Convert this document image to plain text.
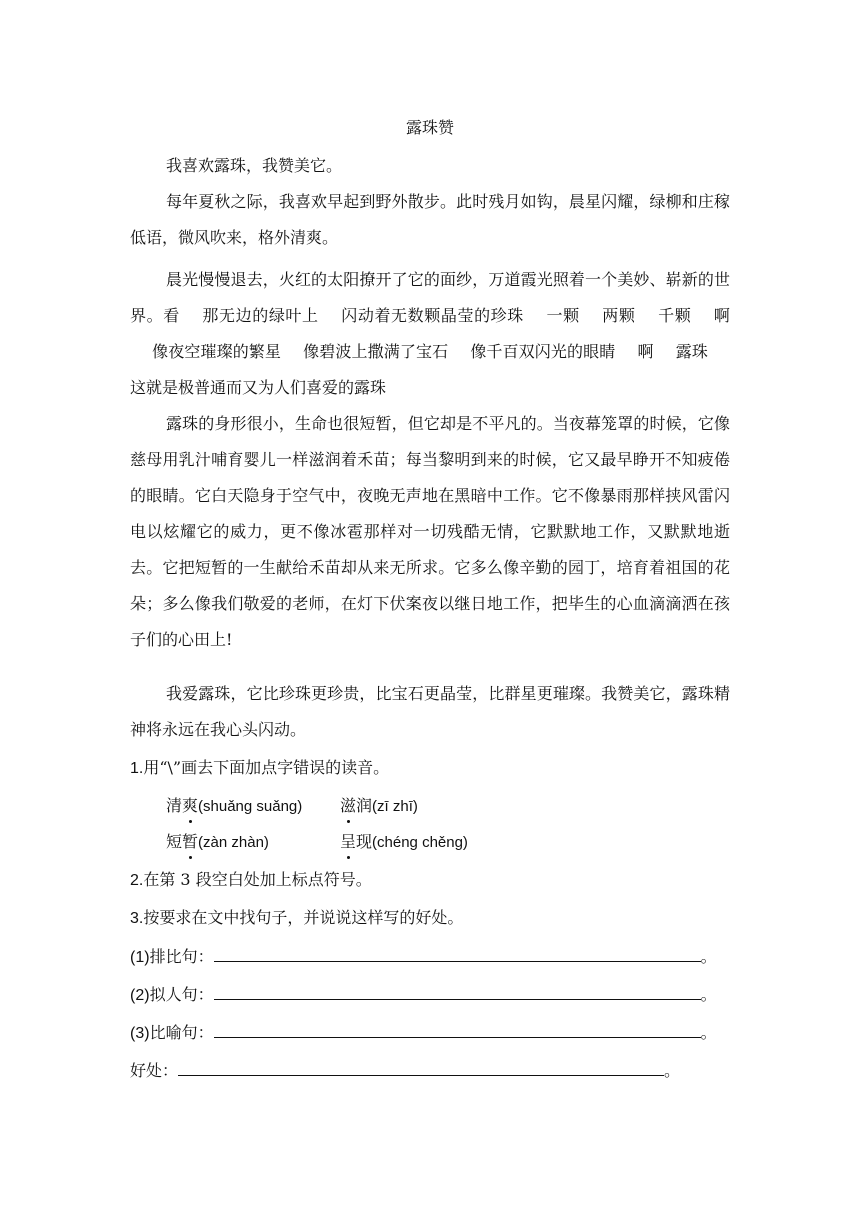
露珠赞
我喜欢露珠，我赞美它。
每年夏秋之际，我喜欢早起到野外散步。此时残月如钩，晨星闪耀，绿柳和庄稼低语，微风吹来，格外清爽。
晨光慢慢退去，火红的太阳撩开了它的面纱，万道霞光照着一个美妙、崭新的世界。看 那无边的绿叶上 闪动着无数颗晶莹的珍珠 一颗 两颗 千颗 啊像夜空璀璨的繁星 像碧波上撒满了宝石 像千百双闪光的眼睛 啊 露珠这就是极普通而又为人们喜爱的露珠
露珠的身形很小，生命也很短暂，但它却是不平凡的。当夜幕笼罩的时候，它像慈母用乳汁哺育婴儿一样滋润着禾苗；每当黎明到来的时候，它又最早睁开不知疲倦的眼睛。它白天隐身于空气中，夜晚无声地在黑暗中工作。它不像暴雨那样挟风雷闪电以炫耀它的威力，更不像冰雹那样对一切残酷无情，它默默地工作，又默默地逝去。它把短暂的一生献给禾苗却从来无所求。它多么像辛勤的园丁，培育着祖国的花朵；多么像我们敬爱的老师，在灯下伏案夜以继日地工作，把毕生的心血滴滴洒在孩子们的心田上!
我爱露珠，它比珍珠更珍贵，比宝石更晶莹，比群星更璀璨。我赞美它，露珠精神将永远在我心头闪动。
1.用“\”画去下面加点字错误的读音。
清爽(shuǎng suǎng) 滋润(zī zhī)
短暂(zàn zhàn)	呈现(chéng chěng)
2.在第 3 段空白处加上标点符号。
3.按要求在文中找句子，并说说这样写的好处。
(1)排比句：	。
(2)拟人句：	。
(3)比喻句：	。
好处：	。
